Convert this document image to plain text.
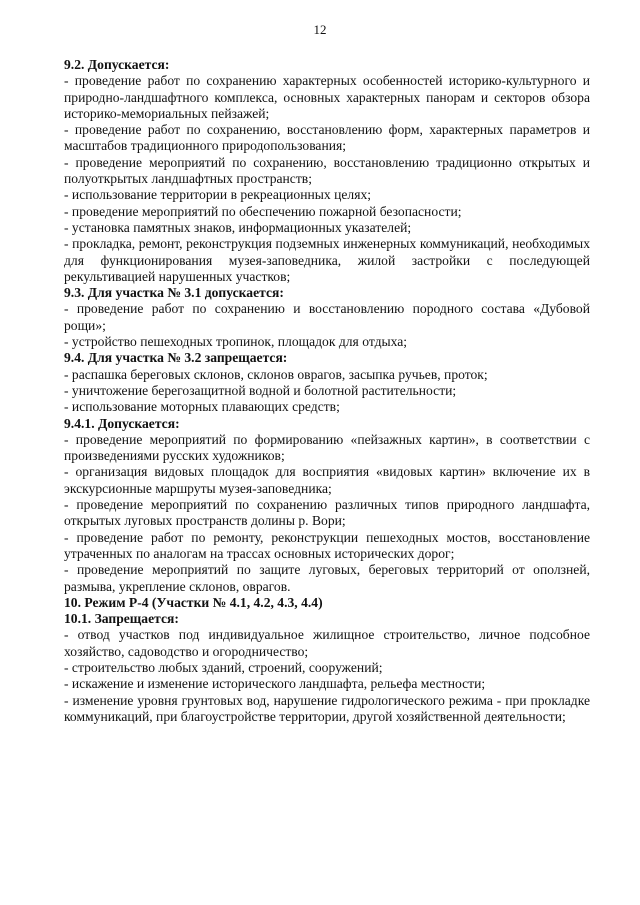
12

9.2. Допускается:

- проведение работ по сохранению характерных особенностей историко-культурного и природно-ландшафтного комплекса, основных характерных панорам и секторов обзора историко-мемориальных пейзажей;

- проведение работ по сохранению, восстановлению форм, характерных параметров и масштабов традиционного природопользования;

- проведение мероприятий по сохранению, восстановлению традиционно открытых и полуоткрытых ландшафтных пространств;

- использование территории в рекреационных целях;

- проведение мероприятий по обеспечению пожарной безопасности;

- установка памятных знаков, информационных указателей;

- прокладка, ремонт, реконструкция подземных инженерных коммуникаций, необходимых для функционирования музея-заповедника, жилой застройки с последующей рекультивацией нарушенных участков;

9.3. Для участка № 3.1 допускается:

- проведение работ по сохранению и восстановлению породного состава «Дубовой рощи»;

- устройство пешеходных тропинок, площадок для отдыха;

9.4. Для участка № 3.2 запрещается:

- распашка береговых склонов, склонов оврагов, засыпка ручьев, проток;

- уничтожение берегозащитной водной и болотной растительности;

- использование моторных плавающих средств;

9.4.1. Допускается:

- проведение мероприятий по формированию «пейзажных картин», в соответствии с произведениями русских художников;

- организация видовых площадок для восприятия «видовых картин» включение их в экскурсионные маршруты музея-заповедника;

- проведение мероприятий по сохранению различных типов природного ландшафта, открытых луговых пространств долины р. Вори;

- проведение работ по ремонту, реконструкции пешеходных мостов, восстановление утраченных по аналогам на трассах основных исторических дорог;

- проведение мероприятий по защите луговых, береговых территорий от оползней, размыва, укрепление склонов, оврагов.

10. Режим Р-4 (Участки № 4.1, 4.2, 4.3, 4.4)

10.1. Запрещается:

- отвод участков под индивидуальное жилищное строительство, личное подсобное хозяйство, садоводство и огородничество;

- строительство любых зданий, строений, сооружений;

- искажение и изменение исторического ландшафта, рельефа местности;

- изменение уровня грунтовых вод, нарушение гидрологического режима - при прокладке коммуникаций, при благоустройстве территории, другой хозяйственной деятельности;
